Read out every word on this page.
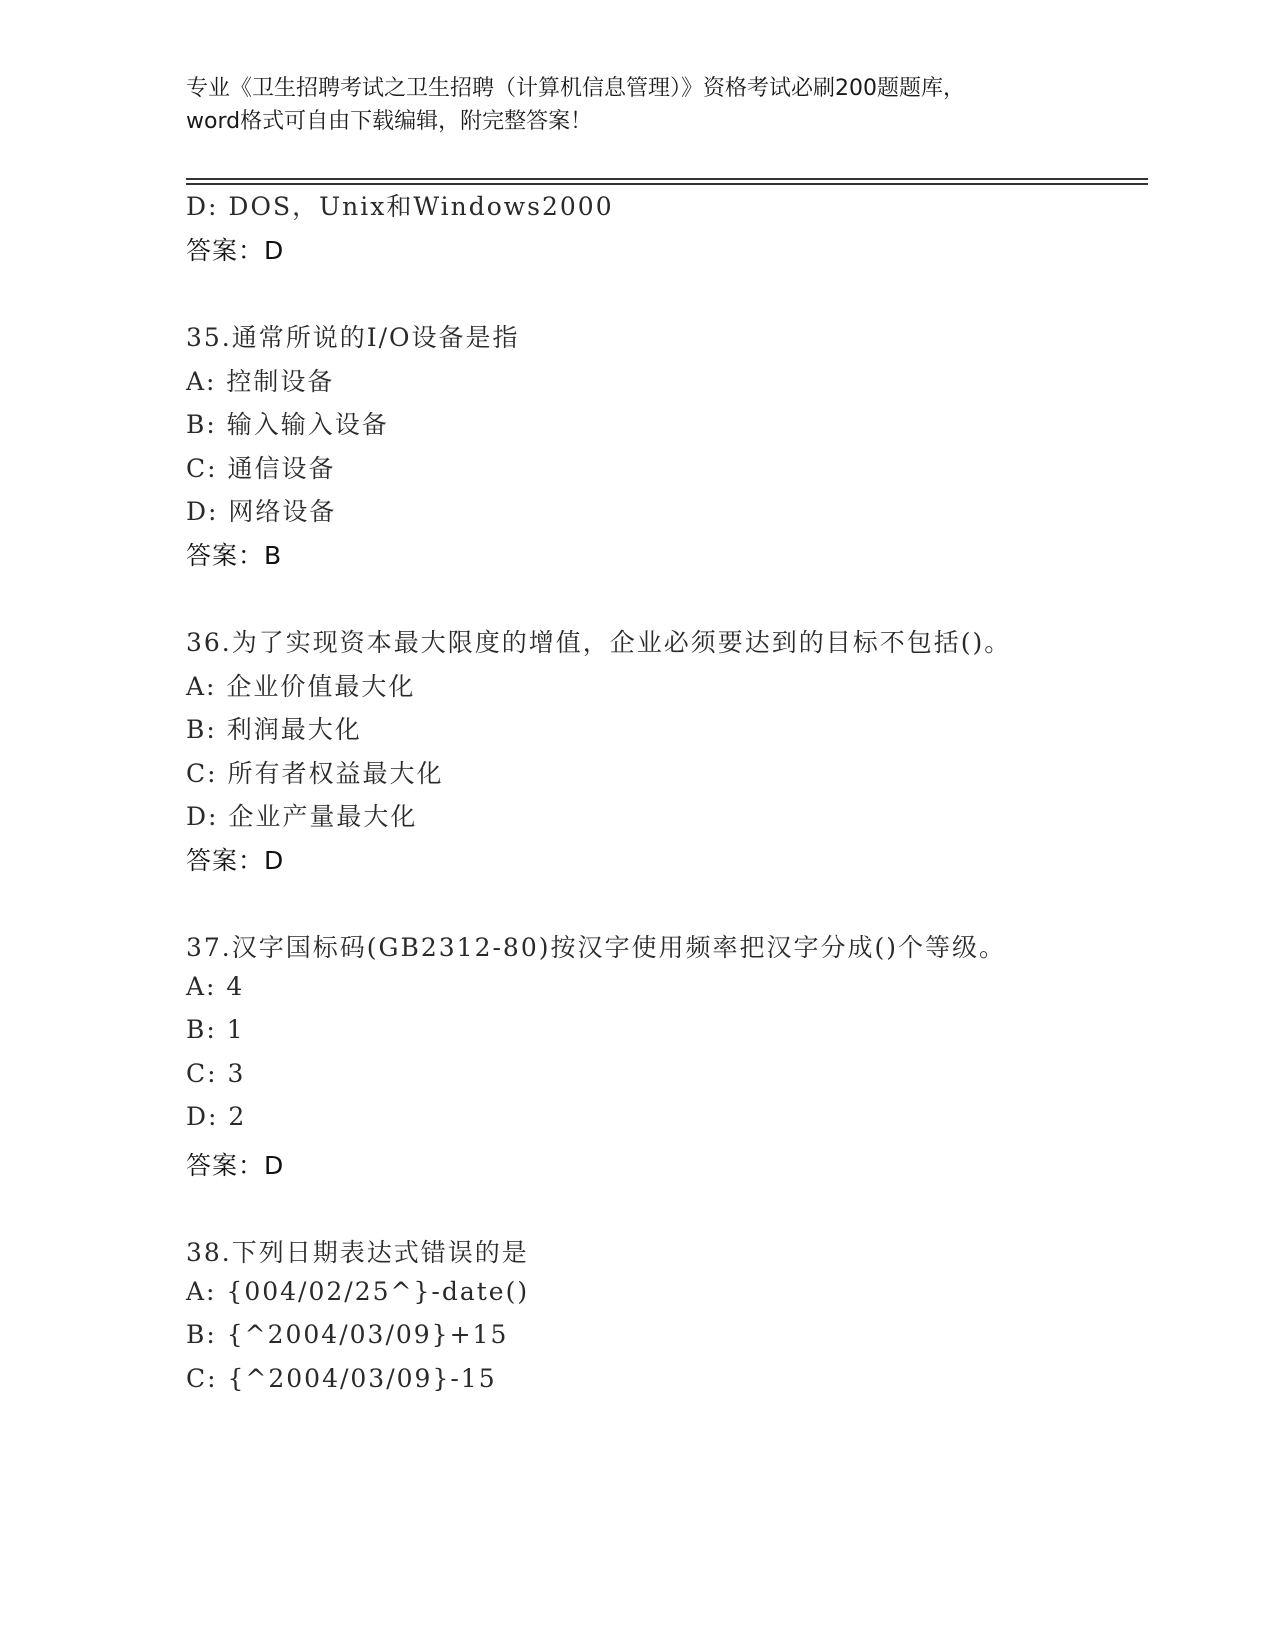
专业《卫生招聘考试之卫生招聘（计算机信息管理）》资格考试必刷200题题库，
word格式可自由下载编辑，附完整答案！
D: DOS，Unix和Windows2000
答案：D
35.通常所说的I/O设备是指
A: 控制设备
B: 输入输入设备
C: 通信设备
D: 网络设备
答案：B
36.为了实现资本最大限度的增值，企业必须要达到的目标不包括()。
A: 企业价值最大化
B: 利润最大化
C: 所有者权益最大化
D: 企业产量最大化
答案：D
37.汉字国标码(GB2312-80)按汉字使用频率把汉字分成()个等级。
A: 4
B: 1
C: 3
D: 2
答案：D
38.下列日期表达式错误的是
A: {004/02/25^}-date()
B: {^2004/03/09}+15
C: {^2004/03/09}-15
